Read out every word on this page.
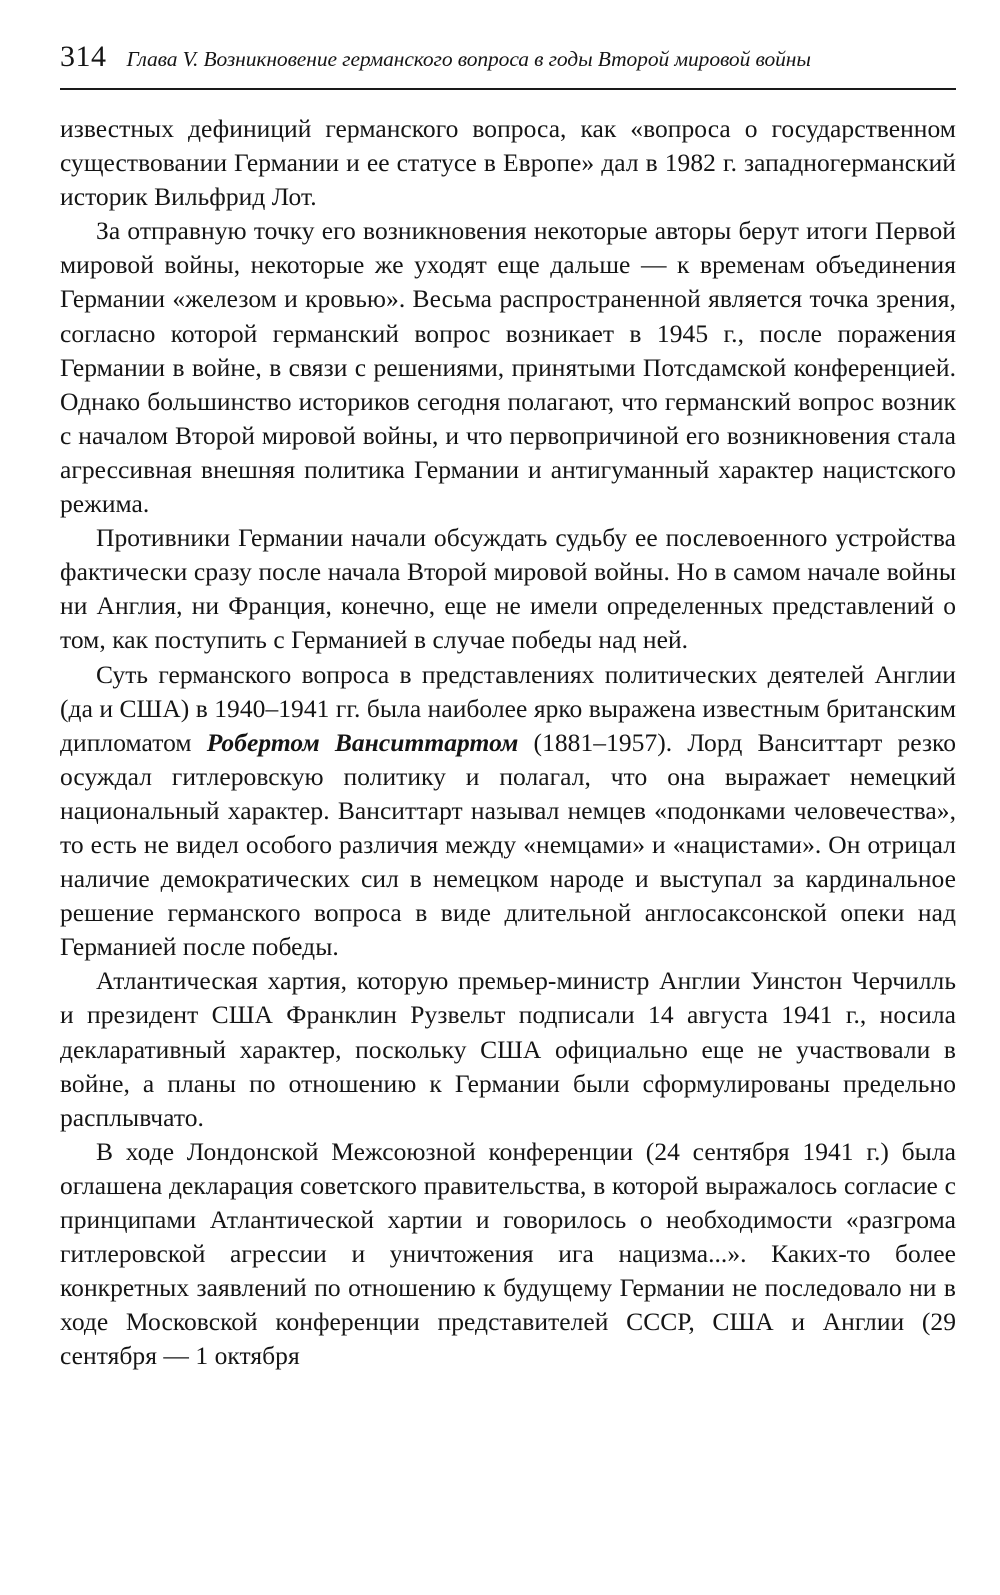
314 Глава V. Возникновение германского вопроса в годы Второй мировой войны

известных дефиниций германского вопроса, как «вопроса о государственном существовании Германии и ее статусе в Европе» дал в 1982 г. западногерманский историк Вильфрид Лот.

За отправную точку его возникновения некоторые авторы берут итоги Первой мировой войны, некоторые же уходят еще дальше — к временам объединения Германии «железом и кровью». Весьма распространенной является точка зрения, согласно которой германский вопрос возникает в 1945 г., после поражения Германии в войне, в связи с решениями, принятыми Потсдамской конференцией. Однако большинство историков сегодня полагают, что германский вопрос возник с началом Второй мировой войны, и что первопричиной его возникновения стала агрессивная внешняя политика Германии и антигуманный характер нацистского режима.

Противники Германии начали обсуждать судьбу ее послевоенного устройства фактически сразу после начала Второй мировой войны. Но в самом начале войны ни Англия, ни Франция, конечно, еще не имели определенных представлений о том, как поступить с Германией в случае победы над ней.

Суть германского вопроса в представлениях политических деятелей Англии (да и США) в 1940–1941 гг. была наиболее ярко выражена известным британским дипломатом Робертом Ванситтартом (1881–1957). Лорд Ванситтарт резко осуждал гитлеровскую политику и полагал, что она выражает немецкий национальный характер. Ванситтарт называл немцев «подонками человечества», то есть не видел особого различия между «немцами» и «нацистами». Он отрицал наличие демократических сил в немецком народе и выступал за кардинальное решение германского вопроса в виде длительной англосаксонской опеки над Германией после победы.

Атлантическая хартия, которую премьер-министр Англии Уинстон Черчилль и президент США Франклин Рузвельт подписали 14 августа 1941 г., носила декларативный характер, поскольку США официально еще не участвовали в войне, а планы по отношению к Германии были сформулированы предельно расплывчато.

В ходе Лондонской Межсоюзной конференции (24 сентября 1941 г.) была оглашена декларация советского правительства, в которой выражалось согласие с принципами Атлантической хартии и говорилось о необходимости «разгрома гитлеровской агрессии и уничтожения ига нацизма...». Каких-то более конкретных заявлений по отношению к будущему Германии не последовало ни в ходе Московской конференции представителей СССР, США и Англии (29 сентября — 1 октября
